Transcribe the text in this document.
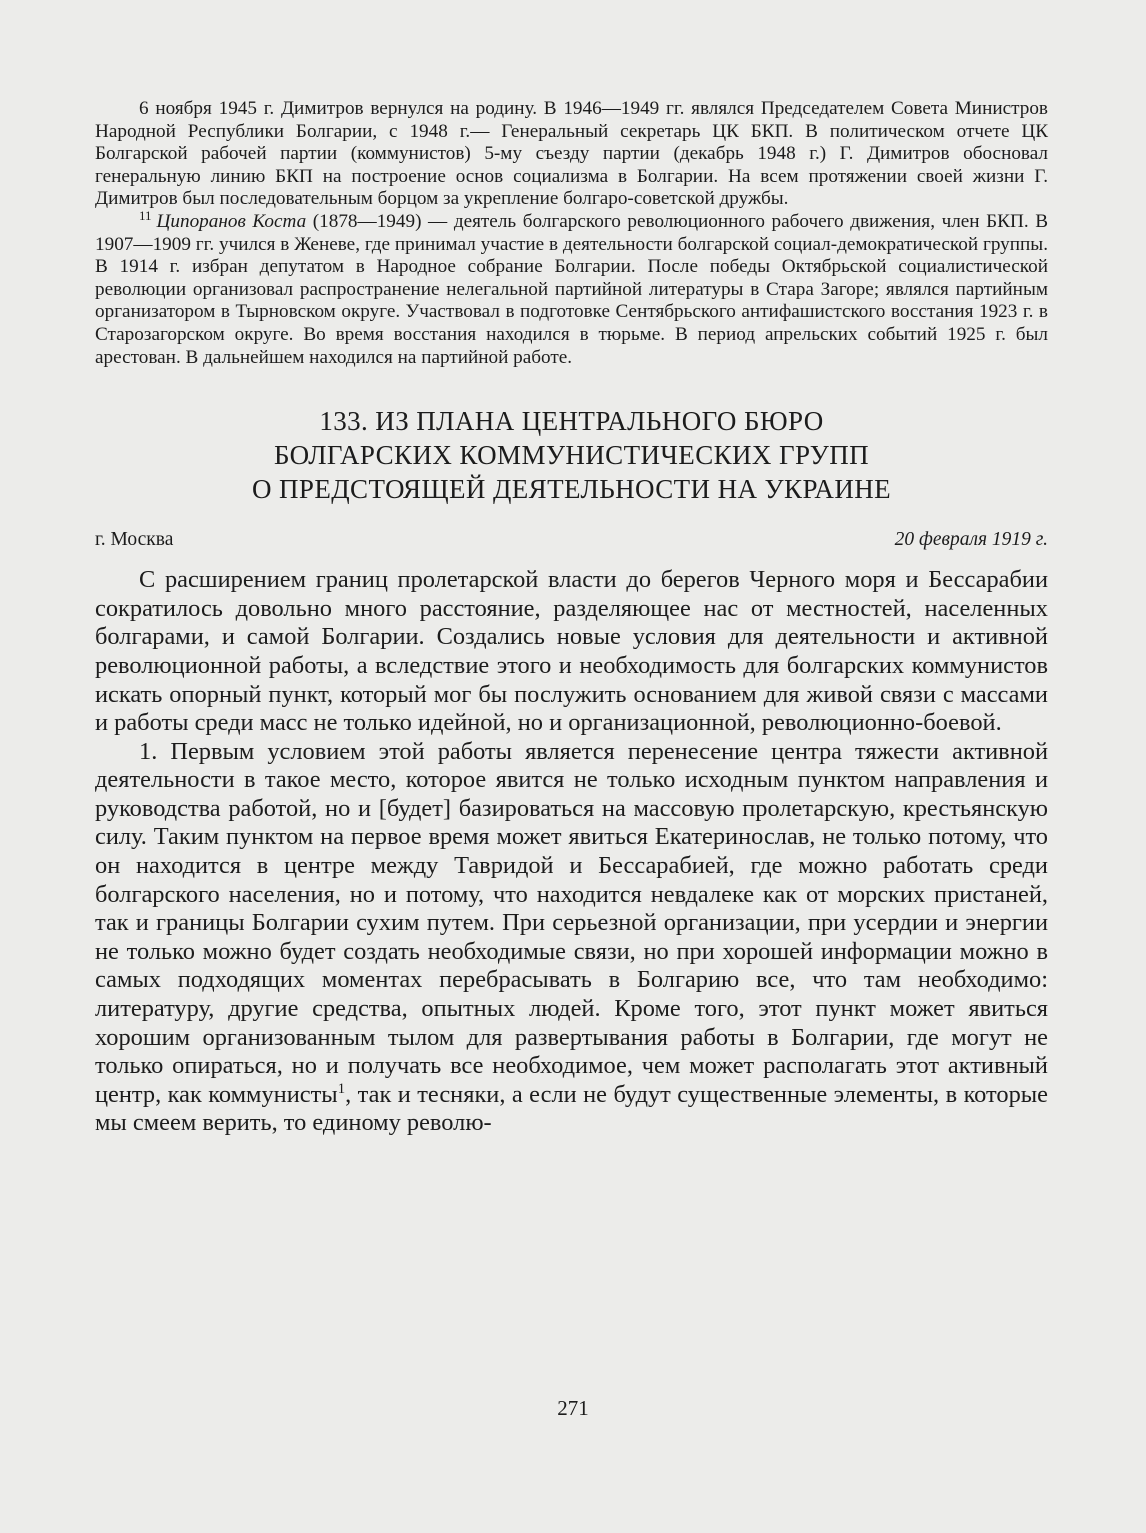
6 ноября 1945 г. Димитров вернулся на родину. В 1946—1949 гг. являлся Председателем Совета Министров Народной Республики Болгарии, с 1948 г.— Генеральный секретарь ЦК БКП. В политическом отчете ЦК Болгарской рабочей партии (коммунистов) 5-му съезду партии (декабрь 1948 г.) Г. Димитров обосновал генеральную линию БКП на построение основ социализма в Болгарии. На всем протяжении своей жизни Г. Димитров был последовательным борцом за укрепление болгаро-советской дружбы.

$^{11}$ Ципоранов Коста (1878—1949) — деятель болгарского революционного рабочего движения, член БКП. В 1907—1909 гг. учился в Женеве, где принимал участие в деятельности болгарской социал-демократической группы. В 1914 г. избран депутатом в Народное собрание Болгарии. После победы Октябрьской социалистической революции организовал распространение нелегальной партийной литературы в Стара Загоре; являлся партийным организатором в Тырновском округе. Участвовал в подготовке Сентябрьского антифашистского восстания 1923 г. в Старозагорском округе. Во время восстания находился в тюрьме. В период апрельских событий 1925 г. был арестован. В дальнейшем находился на партийной работе.

133. ИЗ ПЛАНА ЦЕНТРАЛЬНОГО БЮРО
БОЛГАРСКИХ КОММУНИСТИЧЕСКИХ ГРУПП
О ПРЕДСТОЯЩЕЙ ДЕЯТЕЛЬНОСТИ НА УКРАИНЕ
г. Москва	20 февраля 1919 г.

С расширением границ пролетарской власти до берегов Черного моря и Бессарабии сократилось довольно много расстояние, разделяющее нас от местностей, населенных болгарами, и самой Болгарии. Создались новые условия для деятельности и активной революционной работы, а вследствие этого и необходимость для болгарских коммунистов искать опорный пункт, который мог бы послужить основанием для живой связи с массами и работы среди масс не только идейной, но и организационной, революционно-боевой.

1. Первым условием этой работы является перенесение центра тяжести активной деятельности в такое место, которое явится не только исходным пунктом направления и руководства работой, но и [будет] базироваться на массовую пролетарскую, крестьянскую силу. Таким пунктом на первое время может явиться Екатеринослав, не только потому, что он находится в центре между Тавридой и Бессарабией, где можно работать среди болгарского населения, но и потому, что находится невдалеке как от морских пристаней, так и границы Болгарии сухим путем. При серьезной организации, при усердии и энергии не только можно будет создать необходимые связи, но при хорошей информации можно в самых подходящих моментах перебрасывать в Болгарию все, что там необходимо: литературу, другие средства, опытных людей. Кроме того, этот пункт может явиться хорошим организованным тылом для развертывания работы в Болгарии, где могут не только опираться, но и получать все необходимое, чем может располагать этот активный центр, как коммунисты$^1$, так и тесняки, а если не будут существенные элементы, в которые мы смеем верить, то единому револю-

271
